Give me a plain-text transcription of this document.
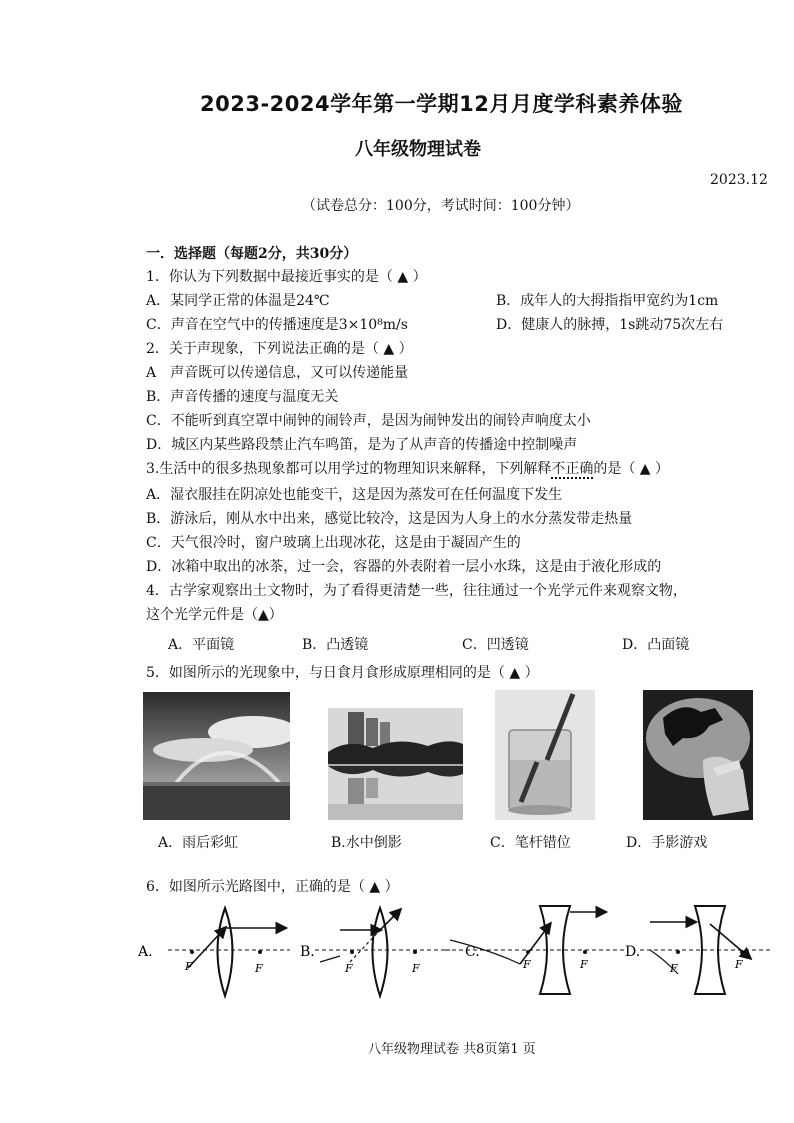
2023-2024学年第一学期12月月度学科素养体验
八年级物理试卷
2023.12
（试卷总分：100分，考试时间：100分钟）
一．选择题（每题2分，共30分）
1．你认为下列数据中最接近事实的是（ ▲ ）
A．某同学正常的体温是24℃	B．成年人的大拇指指甲宽约为1cm
C．声音在空气中的传播速度是3×10⁸m/s	D．健康人的脉搏，1s跳动75次左右
2．关于声现象，下列说法正确的是（ ▲ ）
A　声音既可以传递信息，又可以传递能量
B．声音传播的速度与温度无关
C．不能听到真空罩中闹钟的闹铃声，是因为闹钟发出的闹铃声响度太小
D．城区内某些路段禁止汽车鸣笛，是为了从声音的传播途中控制噪声
3.生活中的很多热现象都可以用学过的物理知识来解释，下列解释不正确的是（ ▲ ）
A．湿衣服挂在阴凉处也能变干，这是因为蒸发可在任何温度下发生
B．游泳后，刚从水中出来，感觉比较冷，这是因为人身上的水分蒸发带走热量
C．天气很冷时，窗户玻璃上出现冰花，这是由于凝固产生的
D．冰箱中取出的冰茶，过一会，容器的外表附着一层小水珠，这是由于液化形成的
4．古学家观察出土文物时，为了看得更清楚一些，往往通过一个光学元件来观察文物，
这个光学元件是（▲）
A．平面镜	B．凸透镜	C．凹透镜	D．凸面镜
5．如图所示的光现象中，与日食月食形成原理相同的是（ ▲ ）
A．雨后彩虹	B.水中倒影	C．笔杆错位	D．手影游戏
6．如图所示光路图中，正确的是（ ▲ ）
A.
F	F
B.
F	F
C.
F	F
D.
F	F
八年级物理试卷 共8页第1 页
